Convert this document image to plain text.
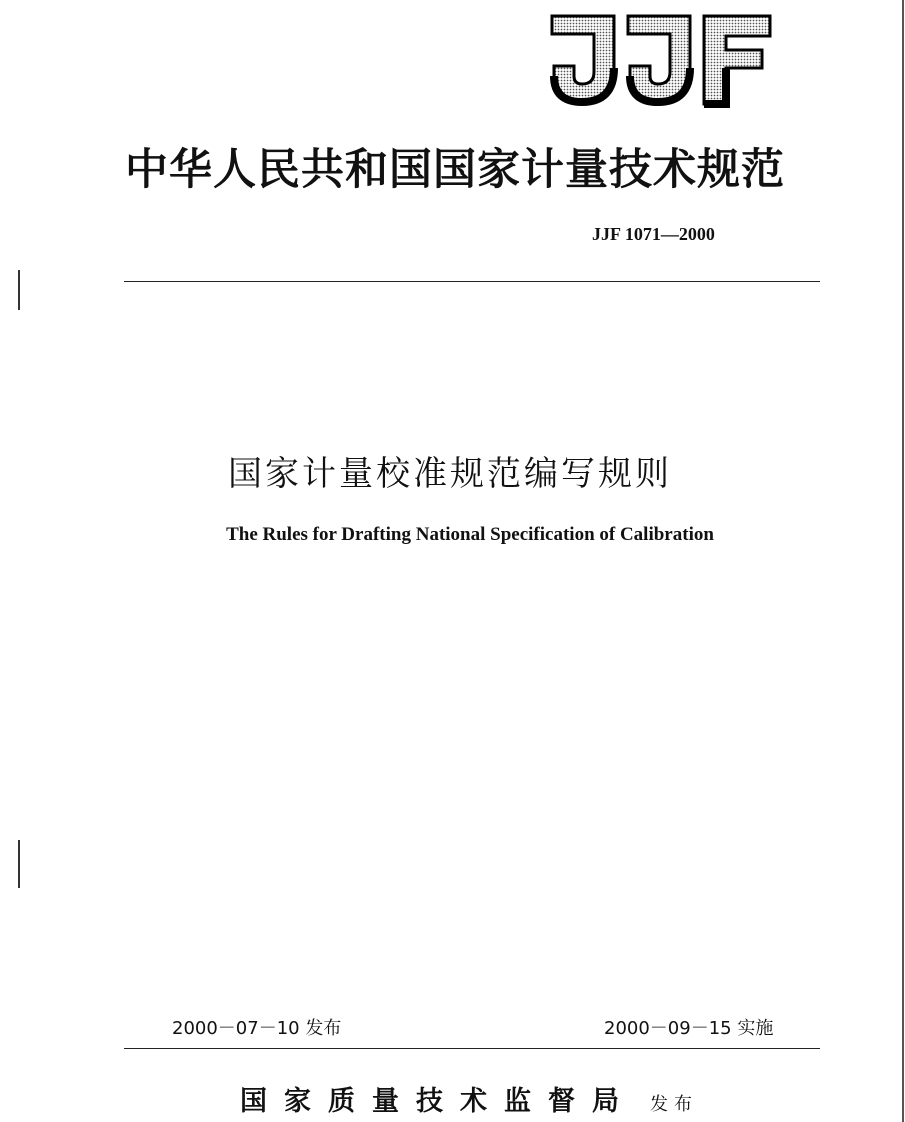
中华人民共和国国家计量技术规范
JJF 1071—2000
国家计量校准规范编写规则
The Rules for Drafting National Specification of Calibration
2000－07－10 发布	2000－09－15 实施
国家质量技术监督局 发布
